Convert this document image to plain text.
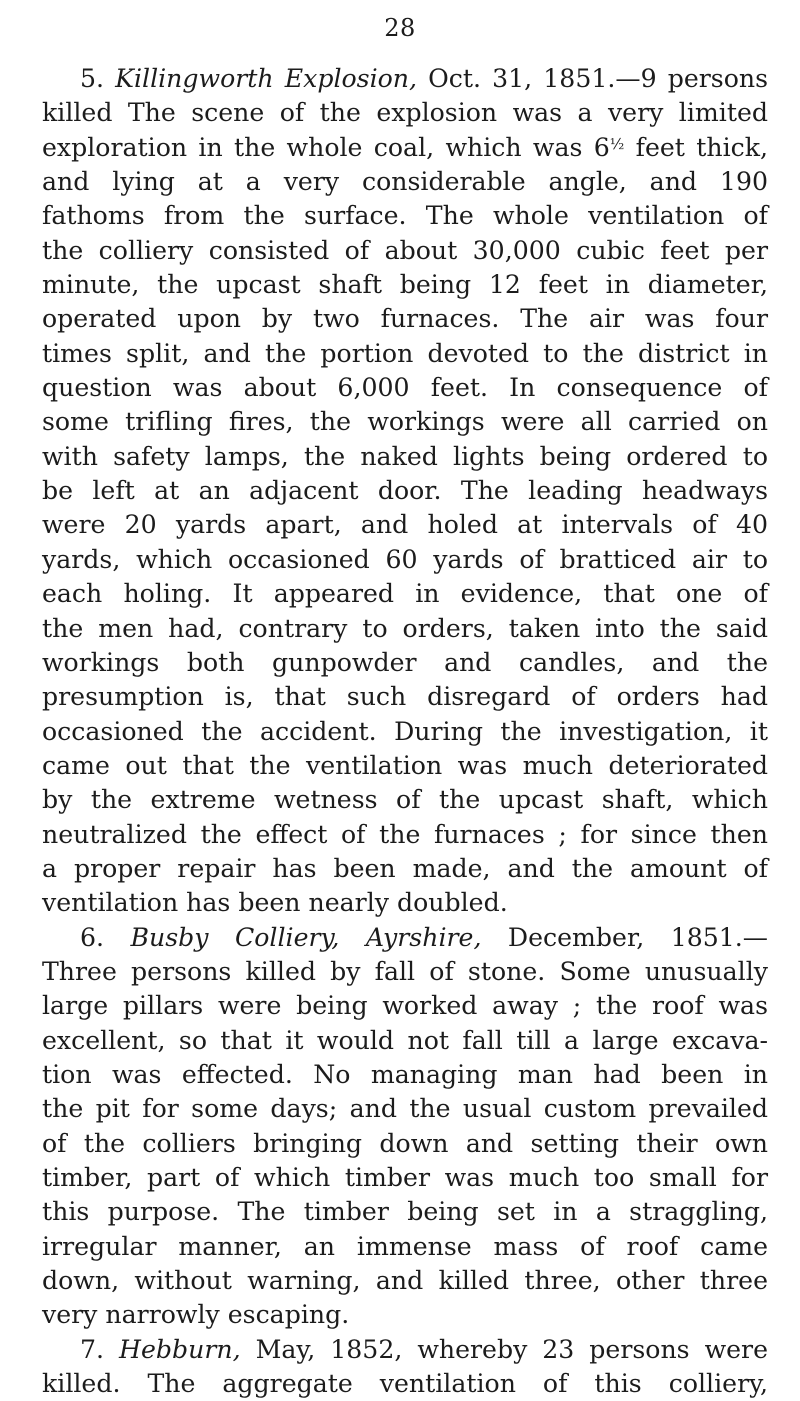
28
5. Killingworth Explosion, Oct. 31, 1851.—9 persons
killed The scene of the explosion was a very limited
exploration in the whole coal, which was 6½ feet thick,
and lying at a very considerable angle, and 190
fathoms from the surface. The whole ventilation of
the colliery consisted of about 30,000 cubic feet per
minute, the upcast shaft being 12 feet in diameter,
operated upon by two furnaces. The air was four
times split, and the portion devoted to the district in
question was about 6,000 feet. In consequence of
some trifling fires, the workings were all carried on
with safety lamps, the naked lights being ordered to
be left at an adjacent door. The leading headways
were 20 yards apart, and holed at intervals of 40
yards, which occasioned 60 yards of bratticed air to
each holing. It appeared in evidence, that one of
the men had, contrary to orders, taken into the said
workings both gunpowder and candles, and the
presumption is, that such disregard of orders had
occasioned the accident. During the investigation, it
came out that the ventilation was much deteriorated
by the extreme wetness of the upcast shaft, which
neutralized the effect of the furnaces ; for since then
a proper repair has been made, and the amount of
ventilation has been nearly doubled.
6. Busby Colliery, Ayrshire, December, 1851.—
Three persons killed by fall of stone. Some unusually
large pillars were being worked away ; the roof was
excellent, so that it would not fall till a large excava-
tion was effected. No managing man had been in
the pit for some days; and the usual custom prevailed
of the colliers bringing down and setting their own
timber, part of which timber was much too small for
this purpose. The timber being set in a straggling,
irregular manner, an immense mass of roof came
down, without warning, and killed three, other three
very narrowly escaping.
7. Hebburn, May, 1852, whereby 23 persons were
killed. The aggregate ventilation of this colliery,
